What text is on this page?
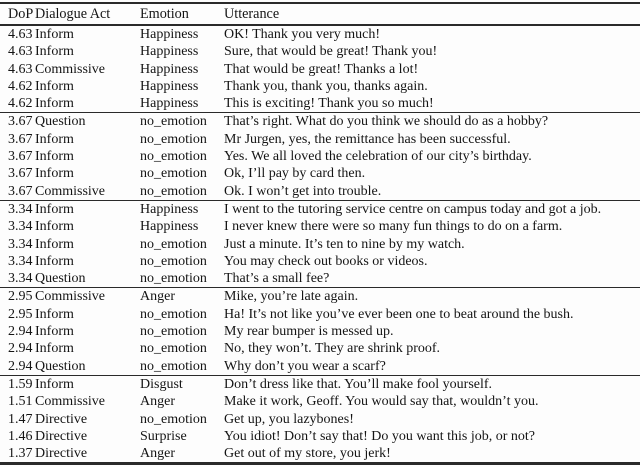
DoP	Dialogue Act	Emotion	Utterance
4.63	Inform	Happiness	OK! Thank you very much!
4.63	Inform	Happiness	Sure, that would be great! Thank you!
4.63	Commissive	Happiness	That would be great! Thanks a lot!
4.62	Inform	Happiness	Thank you, thank you, thanks again.
4.62	Inform	Happiness	This is exciting! Thank you so much!
3.67	Question	no_emotion	That’s right. What do you think we should do as a hobby?
3.67	Inform	no_emotion	Mr Jurgen, yes, the remittance has been successful.
3.67	Inform	no_emotion	Yes. We all loved the celebration of our city’s birthday.
3.67	Inform	no_emotion	Ok, I’ll pay by card then.
3.67	Commissive	no_emotion	Ok. I won’t get into trouble.
3.34	Inform	Happiness	I went to the tutoring service centre on campus today and got a job.
3.34	Inform	Happiness	I never knew there were so many fun things to do on a farm.
3.34	Inform	no_emotion	Just a minute. It’s ten to nine by my watch.
3.34	Inform	no_emotion	You may check out books or videos.
3.34	Question	no_emotion	That’s a small fee?
2.95	Commissive	Anger	Mike, you’re late again.
2.95	Inform	no_emotion	Ha! It’s not like you’ve ever been one to beat around the bush.
2.94	Inform	no_emotion	My rear bumper is messed up.
2.94	Inform	no_emotion	No, they won’t. They are shrink proof.
2.94	Question	no_emotion	Why don’t you wear a scarf?
1.59	Inform	Disgust	Don’t dress like that. You’ll make fool yourself.
1.51	Commissive	Anger	Make it work, Geoff. You would say that, wouldn’t you.
1.47	Directive	no_emotion	Get up, you lazybones!
1.46	Directive	Surprise	You idiot! Don’t say that! Do you want this job, or not?
1.37	Directive	Anger	Get out of my store, you jerk!
